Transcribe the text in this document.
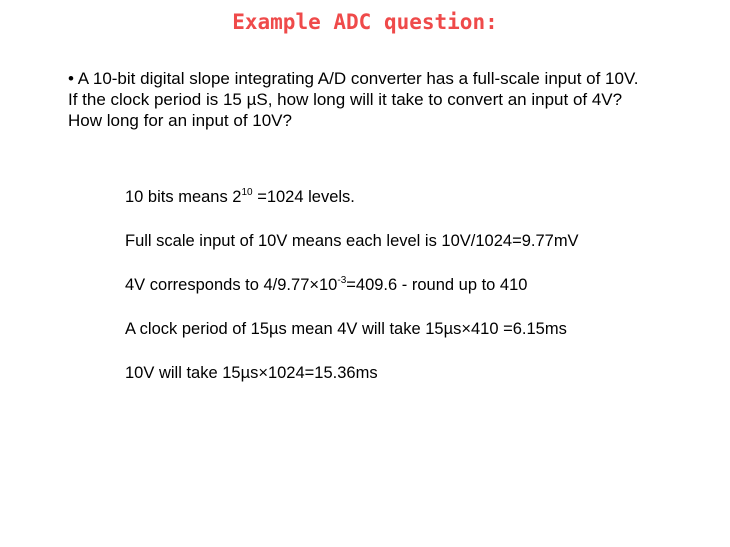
Example ADC question:
• A 10-bit digital slope integrating A/D converter has a full-scale input of 10V.
If the clock period is 15 µS, how long will it take to convert an input of 4V?
How long for an input of 10V?
10 bits means $2^{10} =1024$ levels.
Full scale input of 10V means each level is 10V/1024=9.77mV
4V corresponds to $4/9.77\times 10^{-3}=409.6$ - round up to 410
A clock period of 15µs mean 4V will take 15µs×410 =6.15ms
10V will take 15µs×1024=15.36ms
